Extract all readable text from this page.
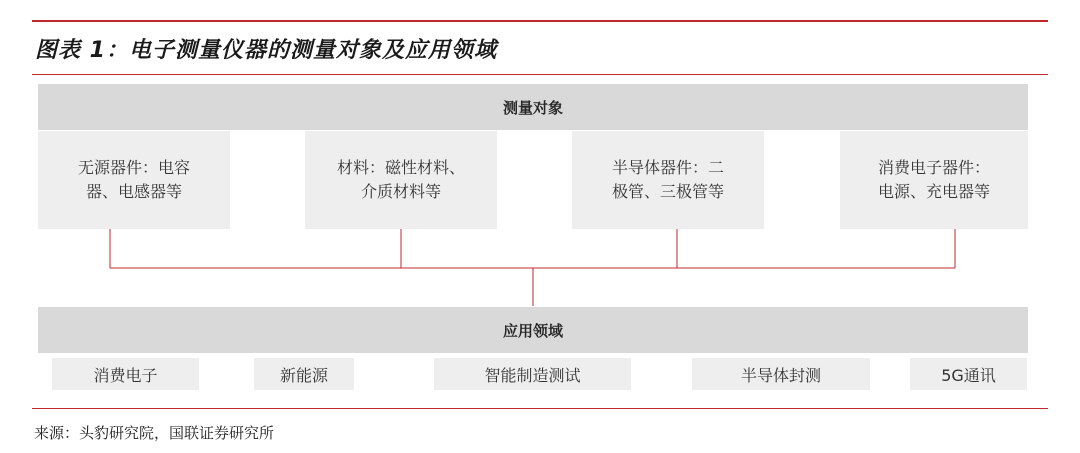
图表 1：电子测量仪器的测量对象及应用领域
测量对象
无源器件：电容
器、电感器等
材料：磁性材料、
介质材料等
半导体器件：二
极管、三极管等
消费电子器件：
电源、充电器等
应用领域
消费电子	新能源	智能制造测试	半导体封测	5G通讯
来源：头豹研究院，国联证券研究所
